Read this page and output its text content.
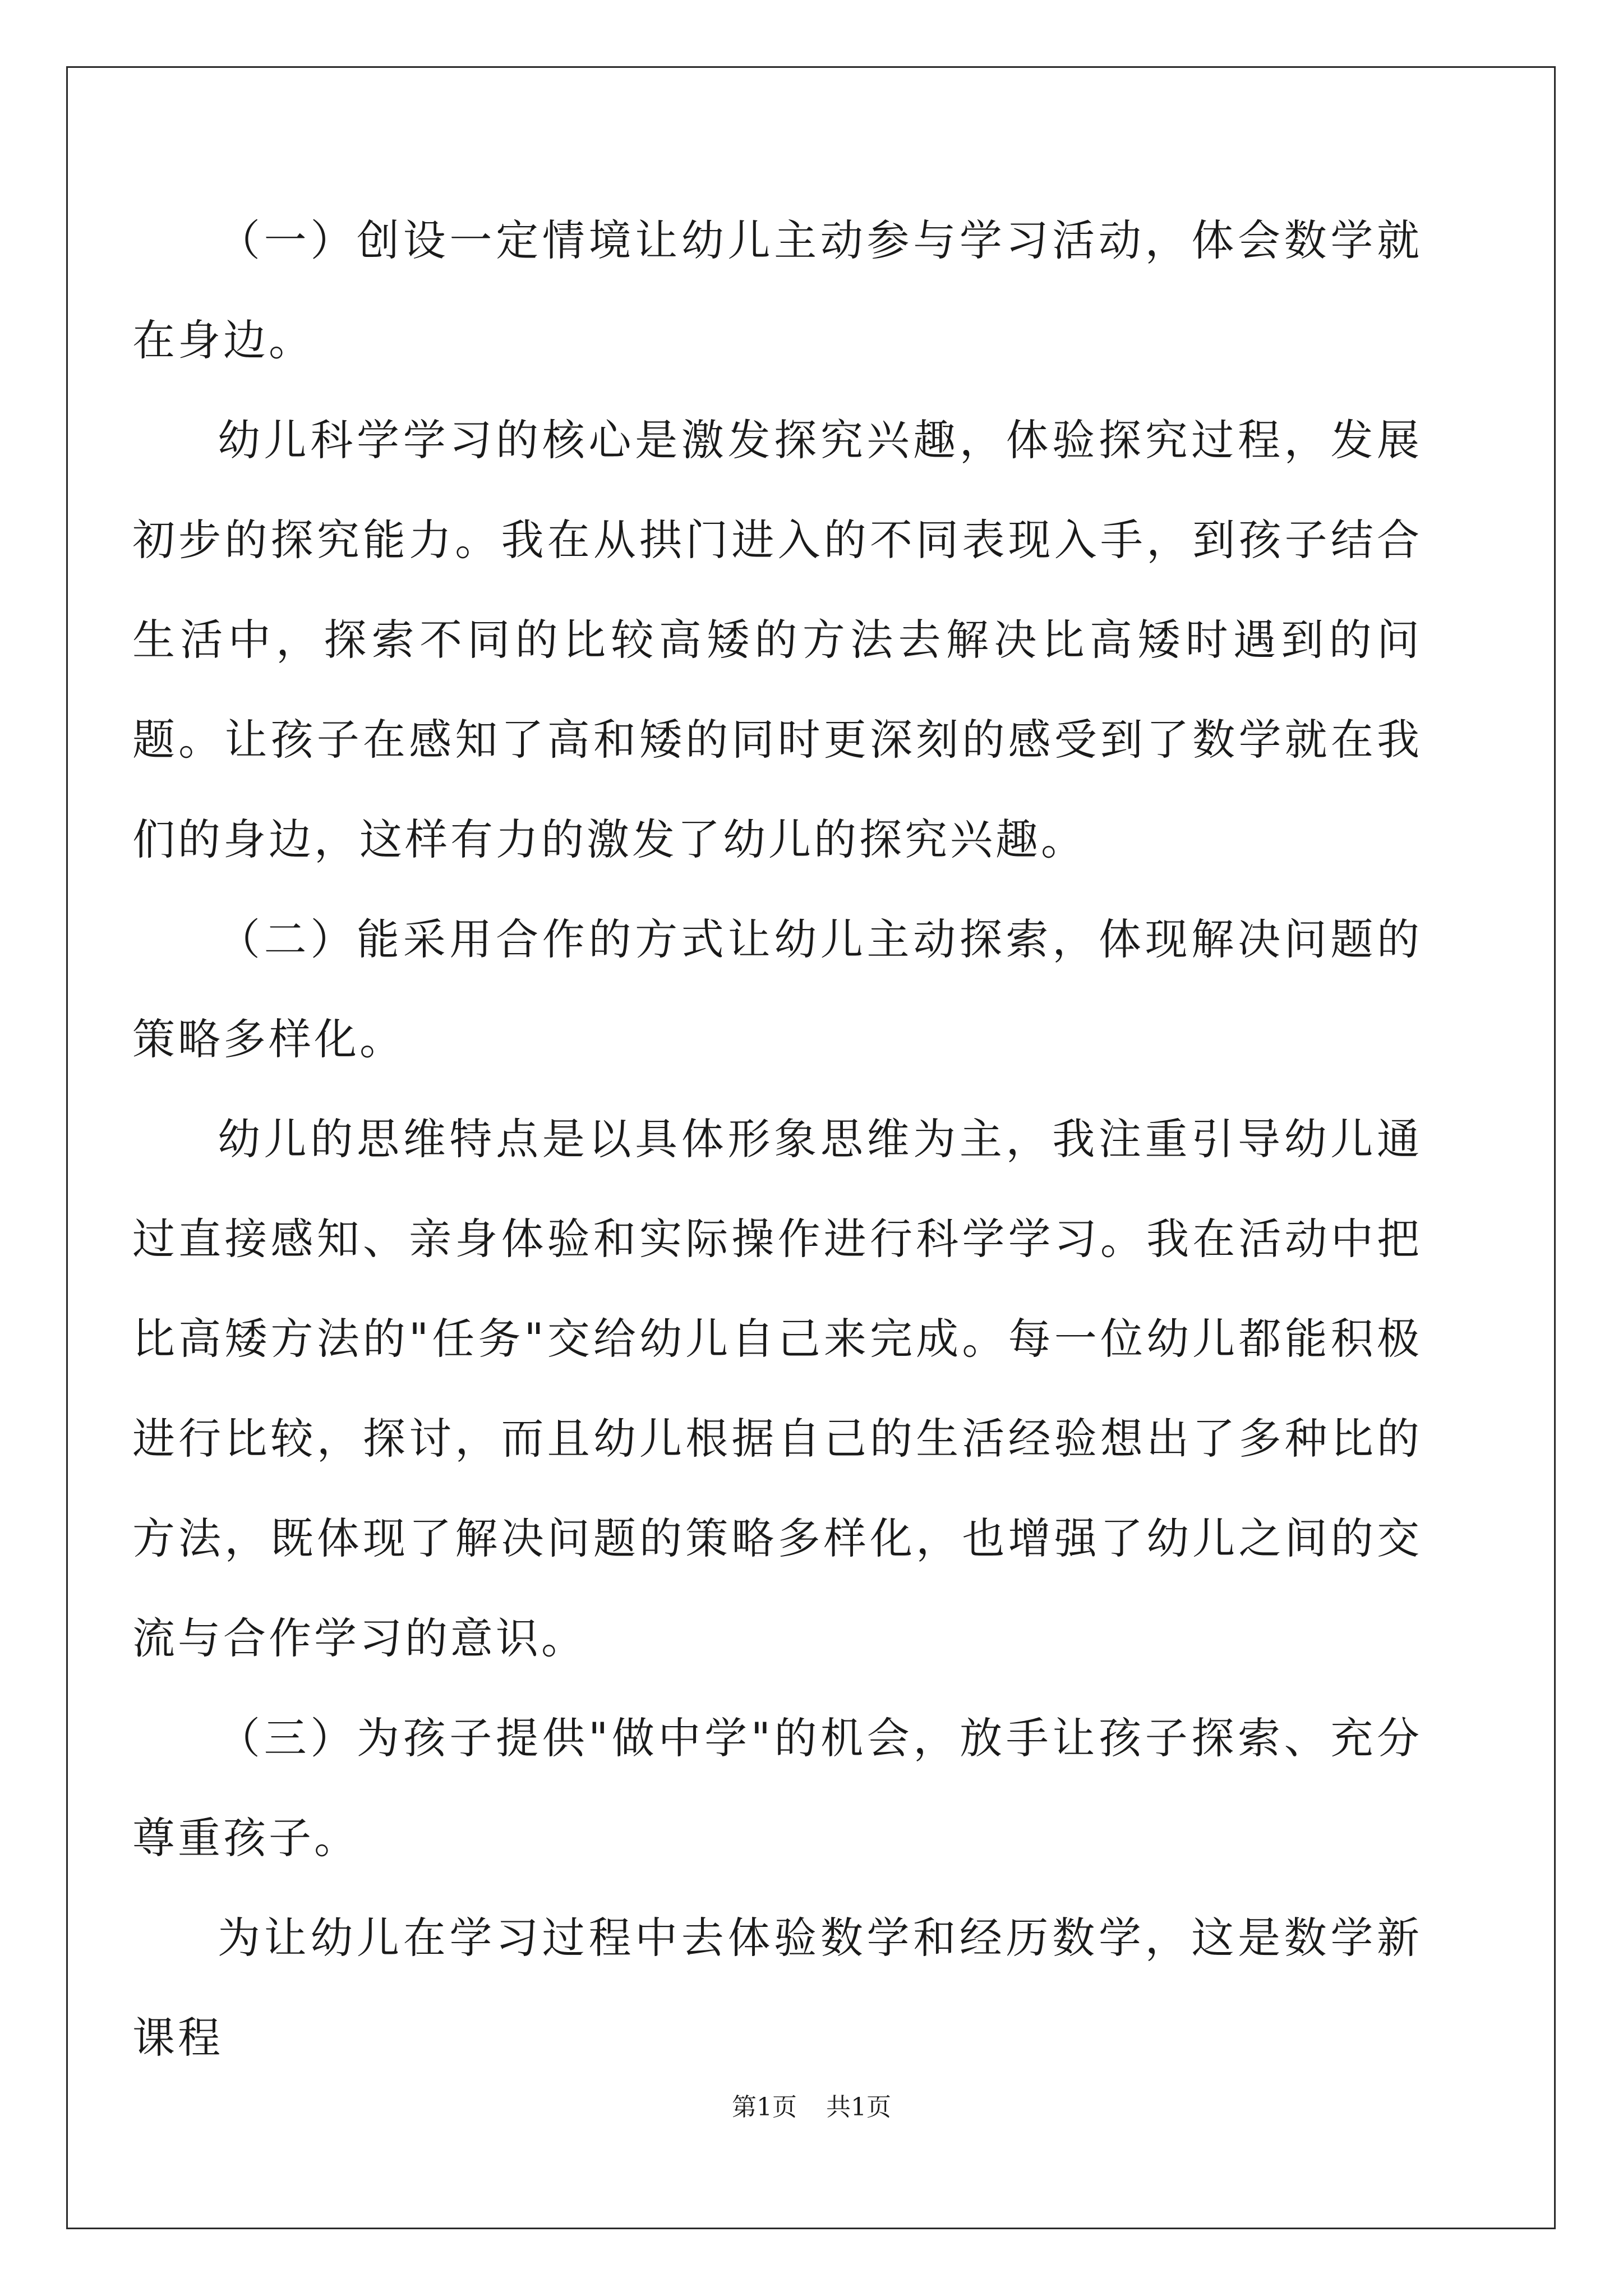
（一）创设一定情境让幼儿主动参与学习活动，体会数学就在身边。

幼儿科学学习的核心是激发探究兴趣，体验探究过程，发展初步的探究能力。我在从拱门进入的不同表现入手，到孩子结合生活中，探索不同的比较高矮的方法去解决比高矮时遇到的问题。让孩子在感知了高和矮的同时更深刻的感受到了数学就在我们的身边，这样有力的激发了幼儿的探究兴趣。

（二）能采用合作的方式让幼儿主动探索，体现解决问题的策略多样化。

幼儿的思维特点是以具体形象思维为主，我注重引导幼儿通过直接感知、亲身体验和实际操作进行科学学习。我在活动中把比高矮方法的"任务"交给幼儿自己来完成。每一位幼儿都能积极进行比较，探讨，而且幼儿根据自己的生活经验想出了多种比的方法，既体现了解决问题的策略多样化，也增强了幼儿之间的交流与合作学习的意识。

（三）为孩子提供"做中学"的机会，放手让孩子探索、充分尊重孩子。

为让幼儿在学习过程中去体验数学和经历数学，这是数学新课程

第1页 共1页
